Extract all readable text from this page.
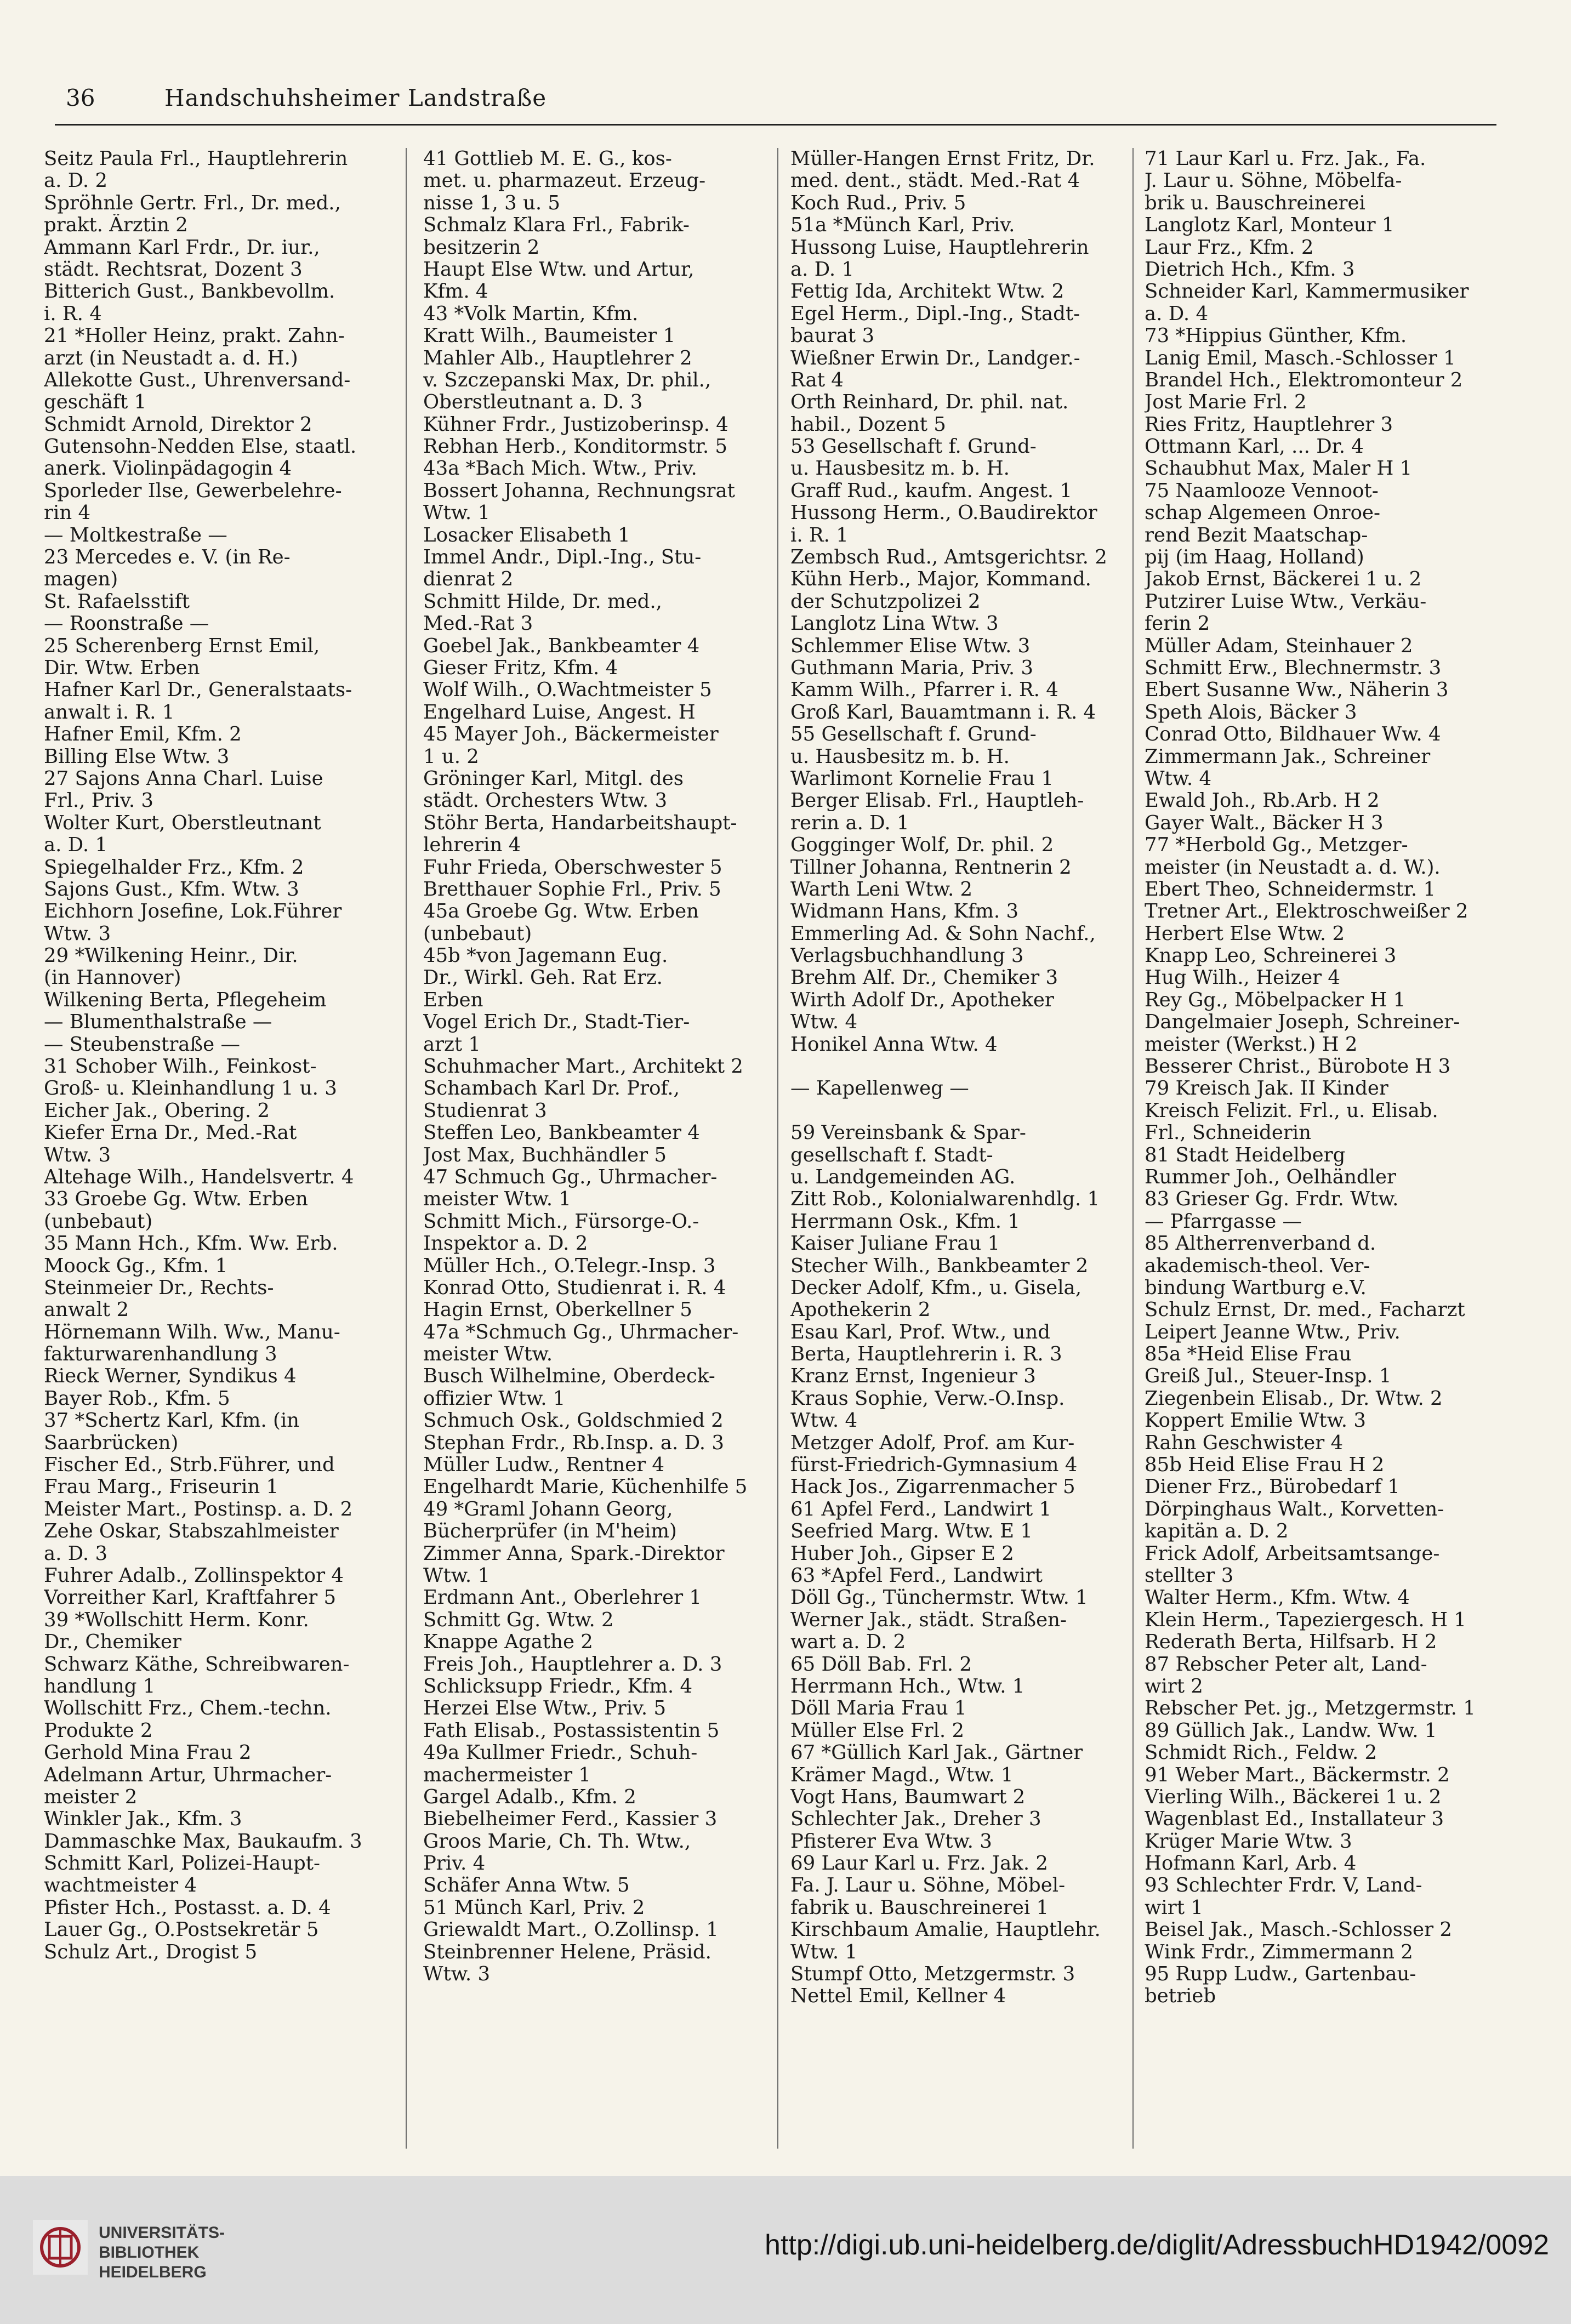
36	Handschuhsheimer Landstraße
Seitz Paula Frl., Hauptlehrerin
a. D. 2
Spröhnle Gertr. Frl., Dr. med.,
prakt. Ärztin 2
Ammann Karl Frdr., Dr. iur.,
städt. Rechtsrat, Dozent 3
Bitterich Gust., Bankbevollm.
i. R. 4
21 *Holler Heinz, prakt. Zahn-
arzt (in Neustadt a. d. H.)
Allekotte Gust., Uhrenversand-
geschäft 1
Schmidt Arnold, Direktor 2
Gutensohn-Nedden Else, staatl.
anerk. Violinpädagogin 4
Sporleder Ilse, Gewerbelehre-
rin 4
— Moltkestraße —
23 Mercedes e. V. (in Re-
magen)
St. Rafaelsstift
— Roonstraße —
25 Scherenberg Ernst Emil,
Dir. Wtw. Erben
Hafner Karl Dr., Generalstaats-
anwalt i. R. 1
Hafner Emil, Kfm. 2
Billing Else Wtw. 3
27 Sajons Anna Charl. Luise
Frl., Priv. 3
Wolter Kurt, Oberstleutnant
a. D. 1
Spiegelhalder Frz., Kfm. 2
Sajons Gust., Kfm. Wtw. 3
Eichhorn Josefine, Lok.Führer
Wtw. 3
29 *Wilkening Heinr., Dir.
(in Hannover)
Wilkening Berta, Pflegeheim
— Blumenthalstraße —
— Steubenstraße —
31 Schober Wilh., Feinkost-
Groß- u. Kleinhandlung 1 u. 3
Eicher Jak., Obering. 2
Kiefer Erna Dr., Med.-Rat
Wtw. 3
Altehage Wilh., Handelsvertr. 4
33 Groebe Gg. Wtw. Erben
(unbebaut)
35 Mann Hch., Kfm. Ww. Erb.
Moock Gg., Kfm. 1
Steinmeier Dr., Rechts-
anwalt 2
Hörnemann Wilh. Ww., Manu-
fakturwarenhandlung 3
Rieck Werner, Syndikus 4
Bayer Rob., Kfm. 5
37 *Schertz Karl, Kfm. (in
Saarbrücken)
Fischer Ed., Strb.Führer, und
Frau Marg., Friseurin 1
Meister Mart., Postinsp. a. D. 2
Zehe Oskar, Stabszahlmeister
a. D. 3
Fuhrer Adalb., Zollinspektor 4
Vorreither Karl, Kraftfahrer 5
39 *Wollschitt Herm. Konr.
Dr., Chemiker
Schwarz Käthe, Schreibwaren-
handlung 1
Wollschitt Frz., Chem.-techn.
Produkte 2
Gerhold Mina Frau 2
Adelmann Artur, Uhrmacher-
meister 2
Winkler Jak., Kfm. 3
Dammaschke Max, Baukaufm. 3
Schmitt Karl, Polizei-Haupt-
wachtmeister 4
Pfister Hch., Postasst. a. D. 4
Lauer Gg., O.Postsekretär 5
Schulz Art., Drogist 5
41 Gottlieb M. E. G., kos-
met. u. pharmazeut. Erzeug-
nisse 1, 3 u. 5
Schmalz Klara Frl., Fabrik-
besitzerin 2
Haupt Else Wtw. und Artur,
Kfm. 4
43 *Volk Martin, Kfm.
Kratt Wilh., Baumeister 1
Mahler Alb., Hauptlehrer 2
v. Szczepanski Max, Dr. phil.,
Oberstleutnant a. D. 3
Kühner Frdr., Justizoberinsp. 4
Rebhan Herb., Konditormstr. 5
43a *Bach Mich. Wtw., Priv.
Bossert Johanna, Rechnungsrat
Wtw. 1
Losacker Elisabeth 1
Immel Andr., Dipl.-Ing., Stu-
dienrat 2
Schmitt Hilde, Dr. med.,
Med.-Rat 3
Goebel Jak., Bankbeamter 4
Gieser Fritz, Kfm. 4
Wolf Wilh., O.Wachtmeister 5
Engelhard Luise, Angest. H
45 Mayer Joh., Bäckermeister
1 u. 2
Gröninger Karl, Mitgl. des
städt. Orchesters Wtw. 3
Stöhr Berta, Handarbeitshaupt-
lehrerin 4
Fuhr Frieda, Oberschwester 5
Bretthauer Sophie Frl., Priv. 5
45a Groebe Gg. Wtw. Erben
(unbebaut)
45b *von Jagemann Eug.
Dr., Wirkl. Geh. Rat Erz.
Erben
Vogel Erich Dr., Stadt-Tier-
arzt 1
Schuhmacher Mart., Architekt 2
Schambach Karl Dr. Prof.,
Studienrat 3
Steffen Leo, Bankbeamter 4
Jost Max, Buchhändler 5
47 Schmuch Gg., Uhrmacher-
meister Wtw. 1
Schmitt Mich., Fürsorge-O.-
Inspektor a. D. 2
Müller Hch., O.Telegr.-Insp. 3
Konrad Otto, Studienrat i. R. 4
Hagin Ernst, Oberkellner 5
47a *Schmuch Gg., Uhrmacher-
meister Wtw.
Busch Wilhelmine, Oberdeck-
offizier Wtw. 1
Schmuch Osk., Goldschmied 2
Stephan Frdr., Rb.Insp. a. D. 3
Müller Ludw., Rentner 4
Engelhardt Marie, Küchenhilfe 5
49 *Graml Johann Georg,
Bücherprüfer (in M'heim)
Zimmer Anna, Spark.-Direktor
Wtw. 1
Erdmann Ant., Oberlehrer 1
Schmitt Gg. Wtw. 2
Knappe Agathe 2
Freis Joh., Hauptlehrer a. D. 3
Schlicksupp Friedr., Kfm. 4
Herzei Else Wtw., Priv. 5
Fath Elisab., Postassistentin 5
49a Kullmer Friedr., Schuh-
machermeister 1
Gargel Adalb., Kfm. 2
Biebelheimer Ferd., Kassier 3
Groos Marie, Ch. Th. Wtw.,
Priv. 4
Schäfer Anna Wtw. 5
51 Münch Karl, Priv. 2
Griewaldt Mart., O.Zollinsp. 1
Steinbrenner Helene, Präsid.
Wtw. 3
Müller-Hangen Ernst Fritz, Dr.
med. dent., städt. Med.-Rat 4
Koch Rud., Priv. 5
51a *Münch Karl, Priv.
Hussong Luise, Hauptlehrerin
a. D. 1
Fettig Ida, Architekt Wtw. 2
Egel Herm., Dipl.-Ing., Stadt-
baurat 3
Wießner Erwin Dr., Landger.-
Rat 4
Orth Reinhard, Dr. phil. nat.
habil., Dozent 5
53 Gesellschaft f. Grund-
u. Hausbesitz m. b. H.
Graff Rud., kaufm. Angest. 1
Hussong Herm., O.Baudirektor
i. R. 1
Zembsch Rud., Amtsgerichtsr. 2
Kühn Herb., Major, Kommand.
der Schutzpolizei 2
Langlotz Lina Wtw. 3
Schlemmer Elise Wtw. 3
Guthmann Maria, Priv. 3
Kamm Wilh., Pfarrer i. R. 4
Groß Karl, Bauamtmann i. R. 4
55 Gesellschaft f. Grund-
u. Hausbesitz m. b. H.
Warlimont Kornelie Frau 1
Berger Elisab. Frl., Hauptleh-
rerin a. D. 1
Gogginger Wolf, Dr. phil. 2
Tillner Johanna, Rentnerin 2
Warth Leni Wtw. 2
Widmann Hans, Kfm. 3
Emmerling Ad. & Sohn Nachf.,
Verlagsbuchhandlung 3
Brehm Alf. Dr., Chemiker 3
Wirth Adolf Dr., Apotheker
Wtw. 4
Honikel Anna Wtw. 4
— Kapellenweg —
59 Vereinsbank & Spar-
gesellschaft f. Stadt-
u. Landgemeinden AG.
Zitt Rob., Kolonialwarenhdlg. 1
Herrmann Osk., Kfm. 1
Kaiser Juliane Frau 1
Stecher Wilh., Bankbeamter 2
Decker Adolf, Kfm., u. Gisela,
Apothekerin 2
Esau Karl, Prof. Wtw., und
Berta, Hauptlehrerin i. R. 3
Kranz Ernst, Ingenieur 3
Kraus Sophie, Verw.-O.Insp.
Wtw. 4
Metzger Adolf, Prof. am Kur-
fürst-Friedrich-Gymnasium 4
Hack Jos., Zigarrenmacher 5
61 Apfel Ferd., Landwirt 1
Seefried Marg. Wtw. E 1
Huber Joh., Gipser E 2
63 *Apfel Ferd., Landwirt
Döll Gg., Tünchermstr. Wtw. 1
Werner Jak., städt. Straßen-
wart a. D. 2
65 Döll Bab. Frl. 2
Herrmann Hch., Wtw. 1
Döll Maria Frau 1
Müller Else Frl. 2
67 *Güllich Karl Jak., Gärtner
Krämer Magd., Wtw. 1
Vogt Hans, Baumwart 2
Schlechter Jak., Dreher 3
Pfisterer Eva Wtw. 3
69 Laur Karl u. Frz. Jak. 2
Fa. J. Laur u. Söhne, Möbel-
fabrik u. Bauschreinerei 1
Kirschbaum Amalie, Hauptlehr.
Wtw. 1
Stumpf Otto, Metzgermstr. 3
Nettel Emil, Kellner 4
71 Laur Karl u. Frz. Jak., Fa.
J. Laur u. Söhne, Möbelfa-
brik u. Bauschreinerei
Langlotz Karl, Monteur 1
Laur Frz., Kfm. 2
Dietrich Hch., Kfm. 3
Schneider Karl, Kammermusiker
a. D. 4
73 *Hippius Günther, Kfm.
Lanig Emil, Masch.-Schlosser 1
Brandel Hch., Elektromonteur 2
Jost Marie Frl. 2
Ries Fritz, Hauptlehrer 3
Ottmann Karl, ... Dr. 4
Schaubhut Max, Maler H 1
75 Naamlooze Vennoot-
schap Algemeen Onroe-
rend Bezit Maatschap-
pij (im Haag, Holland)
Jakob Ernst, Bäckerei 1 u. 2
Putzirer Luise Wtw., Verkäu-
ferin 2
Müller Adam, Steinhauer 2
Schmitt Erw., Blechnermstr. 3
Ebert Susanne Ww., Näherin 3
Speth Alois, Bäcker 3
Conrad Otto, Bildhauer Ww. 4
Zimmermann Jak., Schreiner
Wtw. 4
Ewald Joh., Rb.Arb. H 2
Gayer Walt., Bäcker H 3
77 *Herbold Gg., Metzger-
meister (in Neustadt a. d. W.).
Ebert Theo, Schneidermstr. 1
Tretner Art., Elektroschweißer 2
Herbert Else Wtw. 2
Knapp Leo, Schreinerei 3
Hug Wilh., Heizer 4
Rey Gg., Möbelpacker H 1
Dangelmaier Joseph, Schreiner-
meister (Werkst.) H 2
Besserer Christ., Bürobote H 3
79 Kreisch Jak. II Kinder
Kreisch Felizit. Frl., u. Elisab.
Frl., Schneiderin
81 Stadt Heidelberg
Rummer Joh., Oelhändler
83 Grieser Gg. Frdr. Wtw.
— Pfarrgasse —
85 Altherrenverband d.
akademisch-theol. Ver-
bindung Wartburg e.V.
Schulz Ernst, Dr. med., Facharzt
Leipert Jeanne Wtw., Priv.
85a *Heid Elise Frau
Greiß Jul., Steuer-Insp. 1
Ziegenbein Elisab., Dr. Wtw. 2
Koppert Emilie Wtw. 3
Rahn Geschwister 4
85b Heid Elise Frau H 2
Diener Frz., Bürobedarf 1
Dörpinghaus Walt., Korvetten-
kapitän a. D. 2
Frick Adolf, Arbeitsamtsange-
stellter 3
Walter Herm., Kfm. Wtw. 4
Klein Herm., Tapeziergesch. H 1
Rederath Berta, Hilfsarb. H 2
87 Rebscher Peter alt, Land-
wirt 2
Rebscher Pet. jg., Metzgermstr. 1
89 Güllich Jak., Landw. Ww. 1
Schmidt Rich., Feldw. 2
91 Weber Mart., Bäckermstr. 2
Vierling Wilh., Bäckerei 1 u. 2
Wagenblast Ed., Installateur 3
Krüger Marie Wtw. 3
Hofmann Karl, Arb. 4
93 Schlechter Frdr. V, Land-
wirt 1
Beisel Jak., Masch.-Schlosser 2
Wink Frdr., Zimmermann 2
95 Rupp Ludw., Gartenbau-
betrieb
UNIVERSITÄTS-
BIBLIOTHEK
HEIDELBERG
http://digi.ub.uni-heidelberg.de/diglit/AdressbuchHD1942/0092
